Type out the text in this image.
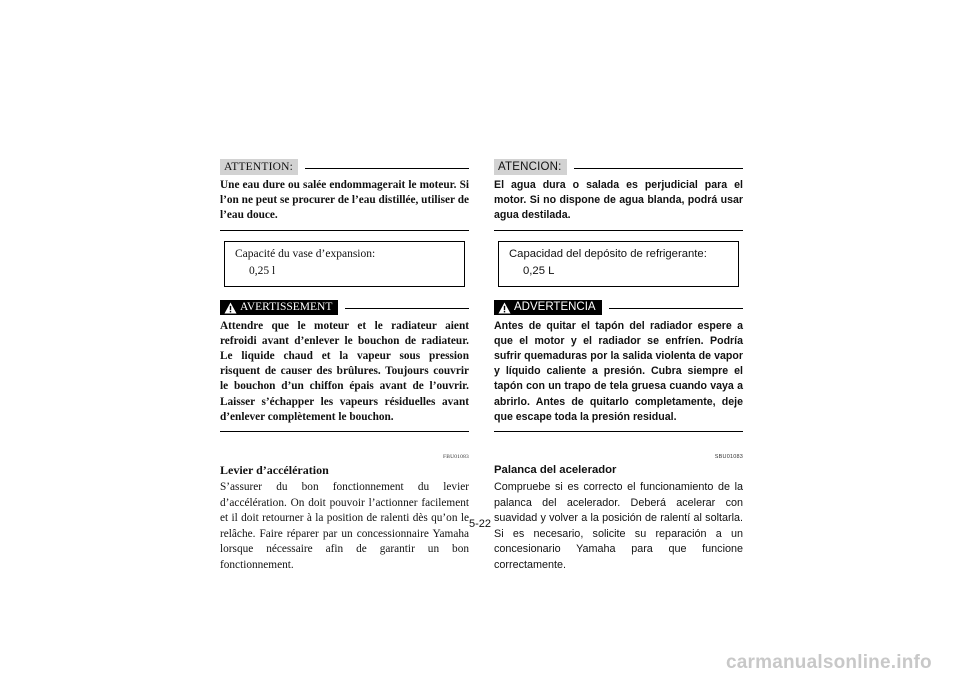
ATTENTION:
Une eau dure ou salée endommagerait le moteur. Si l’on ne peut se procurer de l’eau distillée, utiliser de l’eau douce.
Capacité du vase d’expansion:
0,25 l
AVERTISSEMENT
Attendre que le moteur et le radiateur aient refroidi avant d’enlever le bouchon de radiateur. Le liquide chaud et la vapeur sous pression risquent de causer des brûlures. Toujours couvrir le bouchon d’un chiffon épais avant de l’ouvrir. Laisser s’échapper les vapeurs résiduelles avant d’enlever complètement le bouchon.
FBU01083
Levier d’accélération
S’assurer du bon fonctionnement du levier d’accélération. On doit pouvoir l’actionner facilement et il doit retourner à la position de ralenti dès qu’on le relâche. Faire réparer par un concessionnaire Yamaha lorsque nécessaire afin de garantir un bon fonctionnement.
ATENCION:
El agua dura o salada es perjudicial para el motor. Si no dispone de agua blanda, podrá usar agua destilada.
Capacidad del depósito de refrigerante:
0,25 L
ADVERTENCIA
Antes de quitar el tapón del radiador espere a que el motor y el radiador se enfríen. Podría sufrir quemaduras por la salida violenta de vapor y líquido caliente a presión. Cubra siempre el tapón con un trapo de tela gruesa cuando vaya a abrirlo. Antes de quitarlo completamente, deje que escape toda la presión residual.
SBU01083
Palanca del acelerador
Compruebe si es correcto el funcionamiento de la palanca del acelerador. Deberá acelerar con suavidad y volver a la posición de ralentí al soltarla. Si es necesario, solicite su reparación a un concesionario Yamaha para que funcione correctamente.
5-22
carmanualsonline.info
